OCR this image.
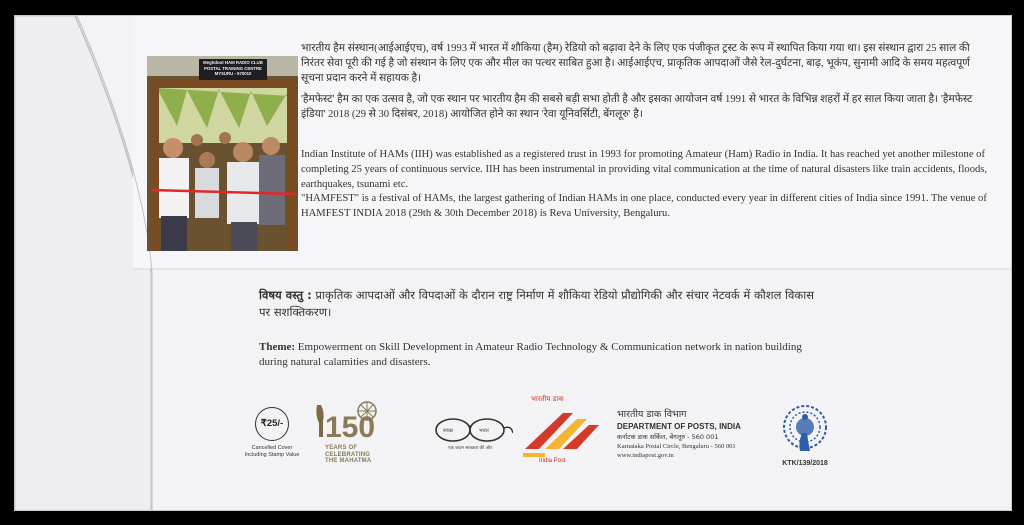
Meghdoot HAM RADIO CLUB
POSTAL TRAINING CENTRE
MYSURU - 570010
भारतीय हैम संस्थान(आईआईएच), वर्ष 1993 में भारत में शौकिया (हैम) रेडियो को बढ़ावा देने के लिए एक पंजीकृत ट्रस्ट के रूप में स्थापित किया गया था। इस संस्थान द्वारा 25 साल की निरंतर सेवा पूरी की गई है जो संस्थान के लिए एक और मील का पत्थर साबित हुआ है। आईआईएच, प्राकृतिक आपदाओं जैसे रेल-दुर्घटना, बाढ़, भूकंप, सुनामी आदि के समय महत्वपूर्ण सूचना प्रदान करने में सहायक है।
'हैमफेस्ट' हैम का एक उत्सव है, जो एक स्थान पर भारतीय हैम की सबसे बड़ी सभा होती है और इसका आयोजन वर्ष 1991 से भारत के विभिन्न शहरों में हर साल किया जाता है। 'हैमफेस्ट इंडिया' 2018 (29 से 30 दिसंबर, 2018) आयोजित होने का स्थान 'रेवा यूनिवर्सिटी, बेंगलूरु' है।
Indian Institute of HAMs (IIH) was established as a registered trust in 1993 for promoting Amateur (Ham) Radio in India. It has reached yet another milestone of completing 25 years of continuous service. IIH has been instrumental in providing vital communication at the time of natural disasters like train accidents, floods, earthquakes, tsunami etc.
"HAMFEST" is a festival of HAMs, the largest gathering of Indian HAMs in one place, conducted every year in different cities of India since 1991. The venue of HAMFEST INDIA 2018 (29th & 30th December 2018) is Reva University, Bengaluru.
विषय वस्तु : प्राकृतिक आपदाओं और विपदाओं के दौरान राष्ट्र निर्माण में शौकिया रेडियो प्रौद्योगिकी और संचार नेटवर्क में कौशल विकास पर सशक्तिकरण।
Theme: Empowerment on Skill Development in Amateur Radio Technology & Communication network in nation building during natural calamities and disasters.
₹25/-
Cancelled Cover
Including Stamp Value
150
YEARS OF
CELEBRATING
THE MAHATMA
स्वच्छ	भारत
एक कदम स्वच्छता की ओर
भारतीय डाक
India Post
भारतीय डाक विभाग
DEPARTMENT OF POSTS, INDIA
कर्नाटक डाक सर्किल, बेंगलूरु - 560 001
Karnataka Postal Circle, Bengaluru - 560 001
www.indiapost.gov.in
KTK/139/2018
